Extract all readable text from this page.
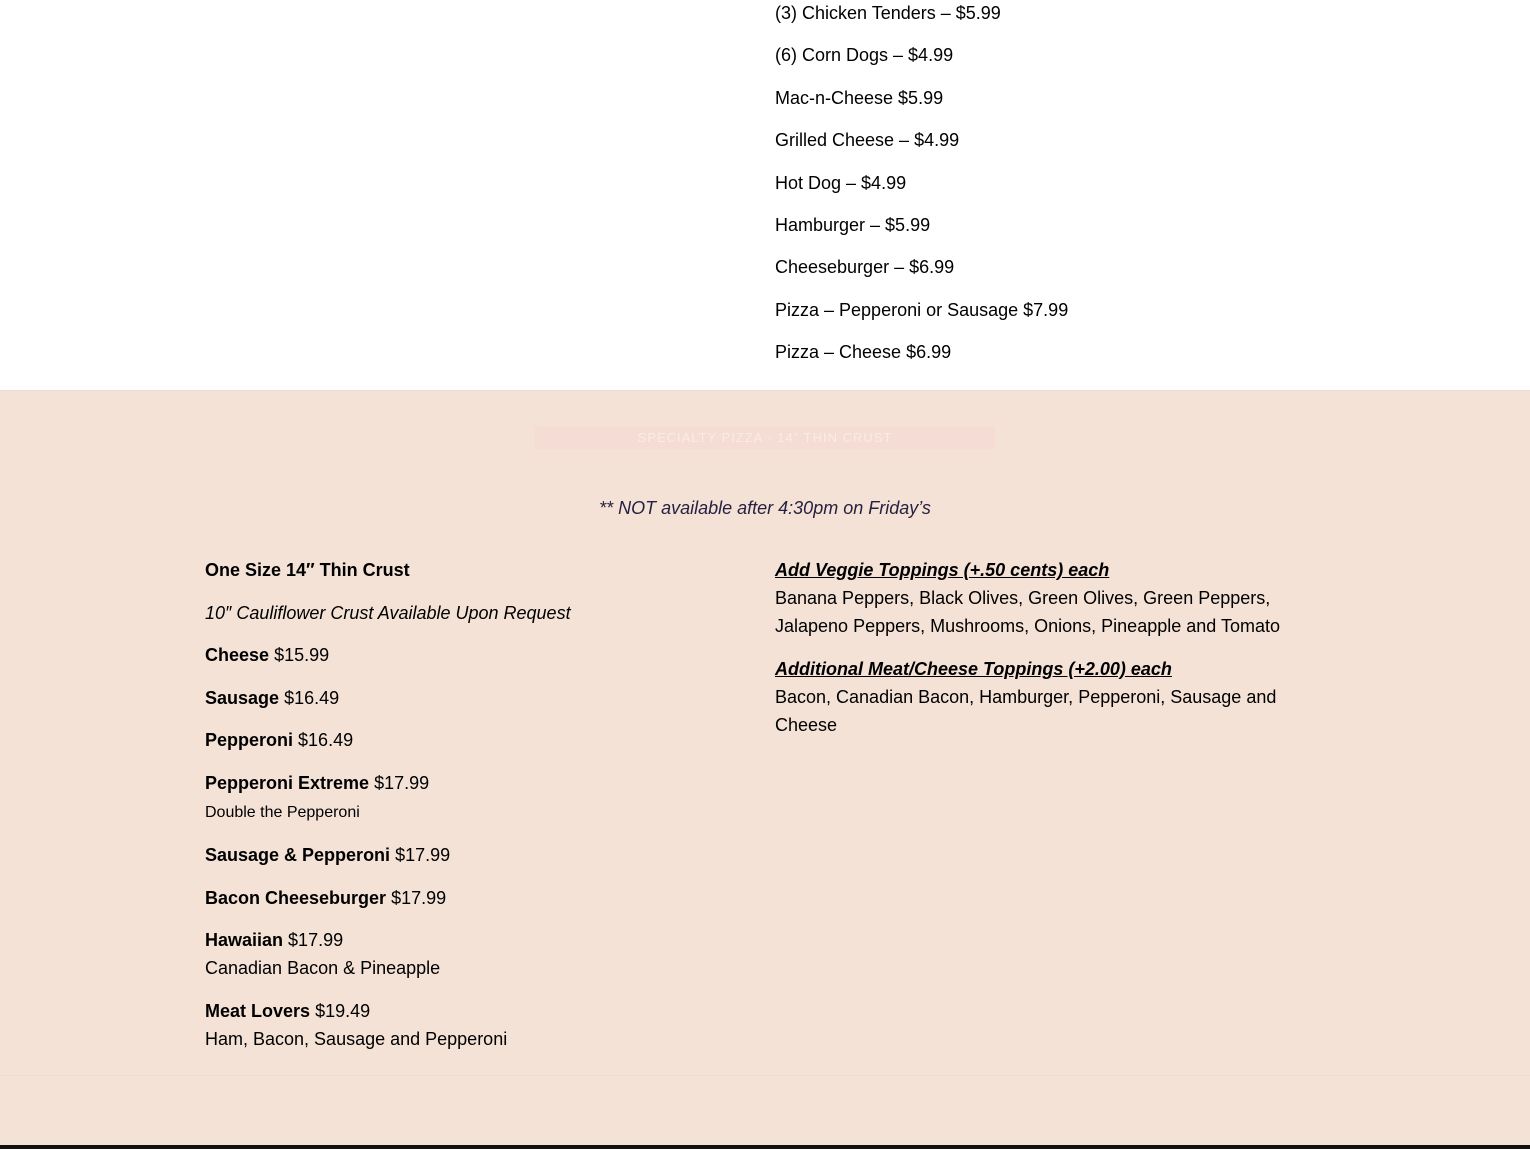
(3) Chicken Tenders – $5.99
(6) Corn Dogs – $4.99
Mac-n-Cheese $5.99
Grilled Cheese – $4.99
Hot Dog – $4.99
Hamburger – $5.99
Cheeseburger – $6.99
Pizza – Pepperoni or Sausage $7.99
Pizza – Cheese $6.99
SPECIALTY PIZZA · 14" THIN CRUST
** NOT available after 4:30pm on Friday’s

One Size 14″ Thin Crust

10″ Cauliflower Crust Available Upon Request

Cheese $15.99

Sausage $16.49

Pepperoni $16.49

Pepperoni Extreme $17.99
Double the Pepperoni

Sausage & Pepperoni $17.99

Bacon Cheeseburger $17.99

Hawaiian $17.99
Canadian Bacon & Pineapple

Meat Lovers $19.49
Ham, Bacon, Sausage and Pepperoni

Add Veggie Toppings (+.50 cents) each
Banana Peppers, Black Olives, Green Olives, Green Peppers, Jalapeno Peppers, Mushrooms, Onions, Pineapple and Tomato

Additional Meat/Cheese Toppings (+2.00) each
Bacon, Canadian Bacon, Hamburger, Pepperoni, Sausage and Cheese
